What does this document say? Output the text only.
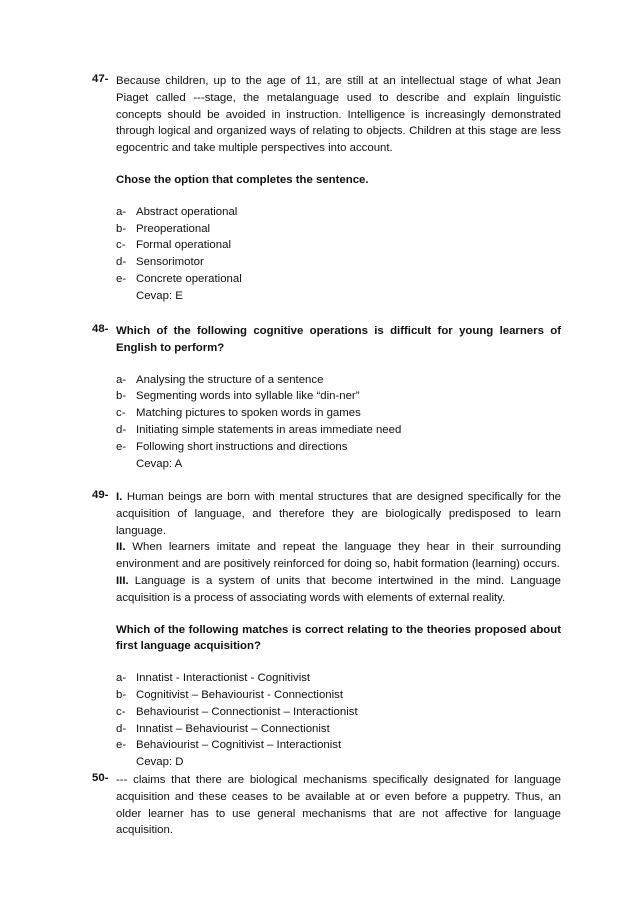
47- Because children, up to the age of 11, are still at an intellectual stage of what Jean Piaget called ---stage, the metalanguage used to describe and explain linguistic concepts should be avoided in instruction. Intelligence is increasingly demonstrated through logical and organized ways of relating to objects. Children at this stage are less egocentric and take multiple perspectives into account.

Chose the option that completes the sentence.

a- Abstract operational
b- Preoperational
c- Formal operational
d- Sensorimotor
e- Concrete operational
Cevap: E
48- Which of the following cognitive operations is difficult for young learners of English to perform?

a- Analysing the structure of a sentence
b- Segmenting words into syllable like “din-ner”
c- Matching pictures to spoken words in games
d- Initiating simple statements in areas immediate need
e- Following short instructions and directions
Cevap: A
49- I. Human beings are born with mental structures that are designed specifically for the acquisition of language, and therefore they are biologically predisposed to learn language.

II. When learners imitate and repeat the language they hear in their surrounding environment and are positively reinforced for doing so, habit formation (learning) occurs.

III. Language is a system of units that become intertwined in the mind. Language acquisition is a process of associating words with elements of external reality.

Which of the following matches is correct relating to the theories proposed about first language acquisition?

a- Innatist - Interactionist - Cognitivist
b- Cognitivist – Behaviourist - Connectionist
c- Behaviourist – Connectionist – Interactionist
d- Innatist – Behaviourist – Connectionist
e- Behaviourist – Cognitivist – Interactionist
Cevap: D
50- --- claims that there are biological mechanisms specifically designated for language acquisition and these ceases to be available at or even before a puppetry. Thus, an older learner has to use general mechanisms that are not affective for language acquisition.
